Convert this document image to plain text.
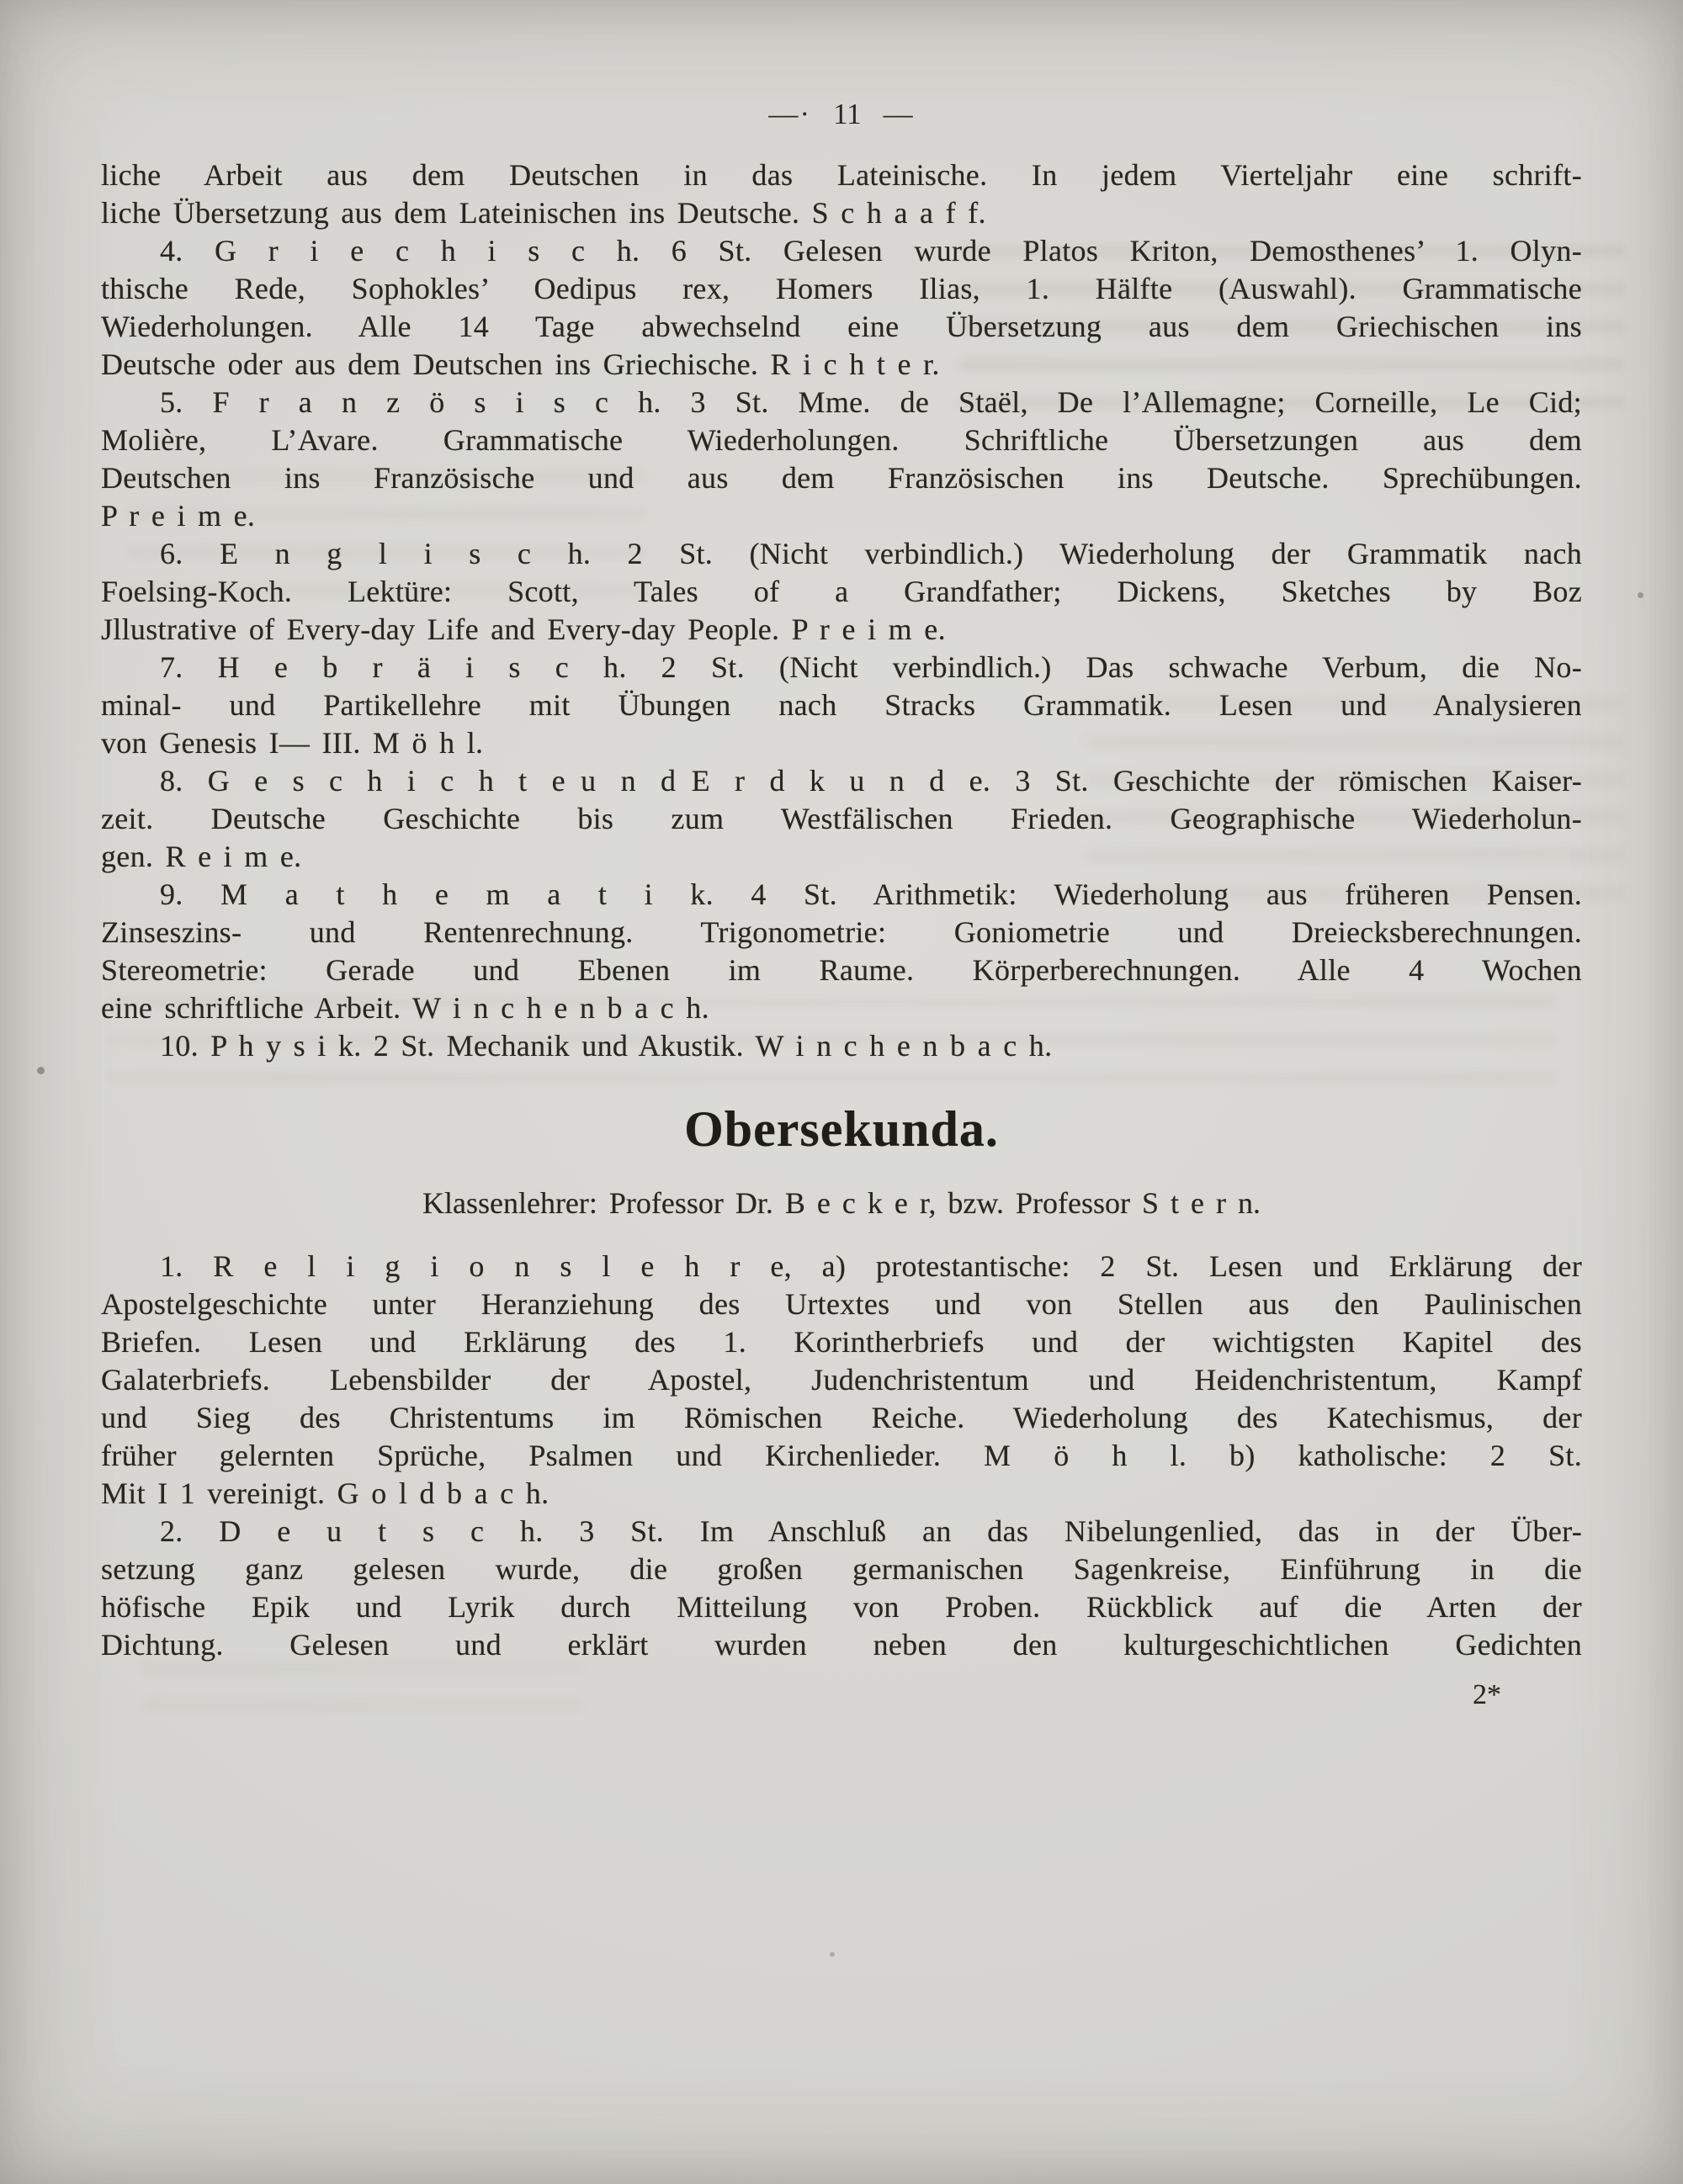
—· 11 —
liche Arbeit aus dem Deutschen in das Lateinische. In jedem Vierteljahr eine schrift-
liche Übersetzung aus dem Lateinischen ins Deutsche. S c h a a f f.
4. G r i e c h i s c h. 6 St. Gelesen wurde Platos Kriton, Demosthenes’ 1. Olyn-
thische Rede, Sophokles’ Oedipus rex, Homers Ilias, 1. Hälfte (Auswahl). Grammatische
Wiederholungen. Alle 14 Tage abwechselnd eine Übersetzung aus dem Griechischen ins
Deutsche oder aus dem Deutschen ins Griechische. R i c h t e r.
5. F r a n z ö s i s c h. 3 St. Mme. de Staël, De l’Allemagne; Corneille, Le Cid;
Molière, L’Avare. Grammatische Wiederholungen. Schriftliche Übersetzungen aus dem
Deutschen ins Französische und aus dem Französischen ins Deutsche. Sprechübungen.
P r e i m e.
6. E n g l i s c h. 2 St. (Nicht verbindlich.) Wiederholung der Grammatik nach
Foelsing-Koch. Lektüre: Scott, Tales of a Grandfather; Dickens, Sketches by Boz
Jllustrative of Every-day Life and Every-day People. P r e i m e.
7. H e b r ä i s c h. 2 St. (Nicht verbindlich.) Das schwache Verbum, die No-
minal- und Partikellehre mit Übungen nach Stracks Grammatik. Lesen und Analysieren
von Genesis I— III. M ö h l.
8. G e s c h i c h t e u n d E r d k u n d e. 3 St. Geschichte der römischen Kaiser-
zeit. Deutsche Geschichte bis zum Westfälischen Frieden. Geographische Wiederholun-
gen. R e i m e.
9. M a t h e m a t i k. 4 St. Arithmetik: Wiederholung aus früheren Pensen.
Zinseszins- und Rentenrechnung. Trigonometrie: Goniometrie und Dreiecksberechnungen.
Stereometrie: Gerade und Ebenen im Raume. Körperberechnungen. Alle 4 Wochen
eine schriftliche Arbeit. W i n c h e n b a c h.
10. P h y s i k. 2 St. Mechanik und Akustik. W i n c h e n b a c h.
Obersekunda.
Klassenlehrer: Professor Dr. B e c k e r, bzw. Professor S t e r n.
1. R e l i g i o n s l e h r e, a) protestantische: 2 St. Lesen und Erklärung der
Apostelgeschichte unter Heranziehung des Urtextes und von Stellen aus den Paulinischen
Briefen. Lesen und Erklärung des 1. Korintherbriefs und der wichtigsten Kapitel des
Galaterbriefs. Lebensbilder der Apostel, Judenchristentum und Heidenchristentum, Kampf
und Sieg des Christentums im Römischen Reiche. Wiederholung des Katechismus, der
früher gelernten Sprüche, Psalmen und Kirchenlieder. M ö h l. b) katholische: 2 St.
Mit I 1 vereinigt. G o l d b a c h.
2. D e u t s c h. 3 St. Im Anschluß an das Nibelungenlied, das in der Über-
setzung ganz gelesen wurde, die großen germanischen Sagenkreise, Einführung in die
höfische Epik und Lyrik durch Mitteilung von Proben. Rückblick auf die Arten der
Dichtung. Gelesen und erklärt wurden neben den kulturgeschichtlichen Gedichten
2*
